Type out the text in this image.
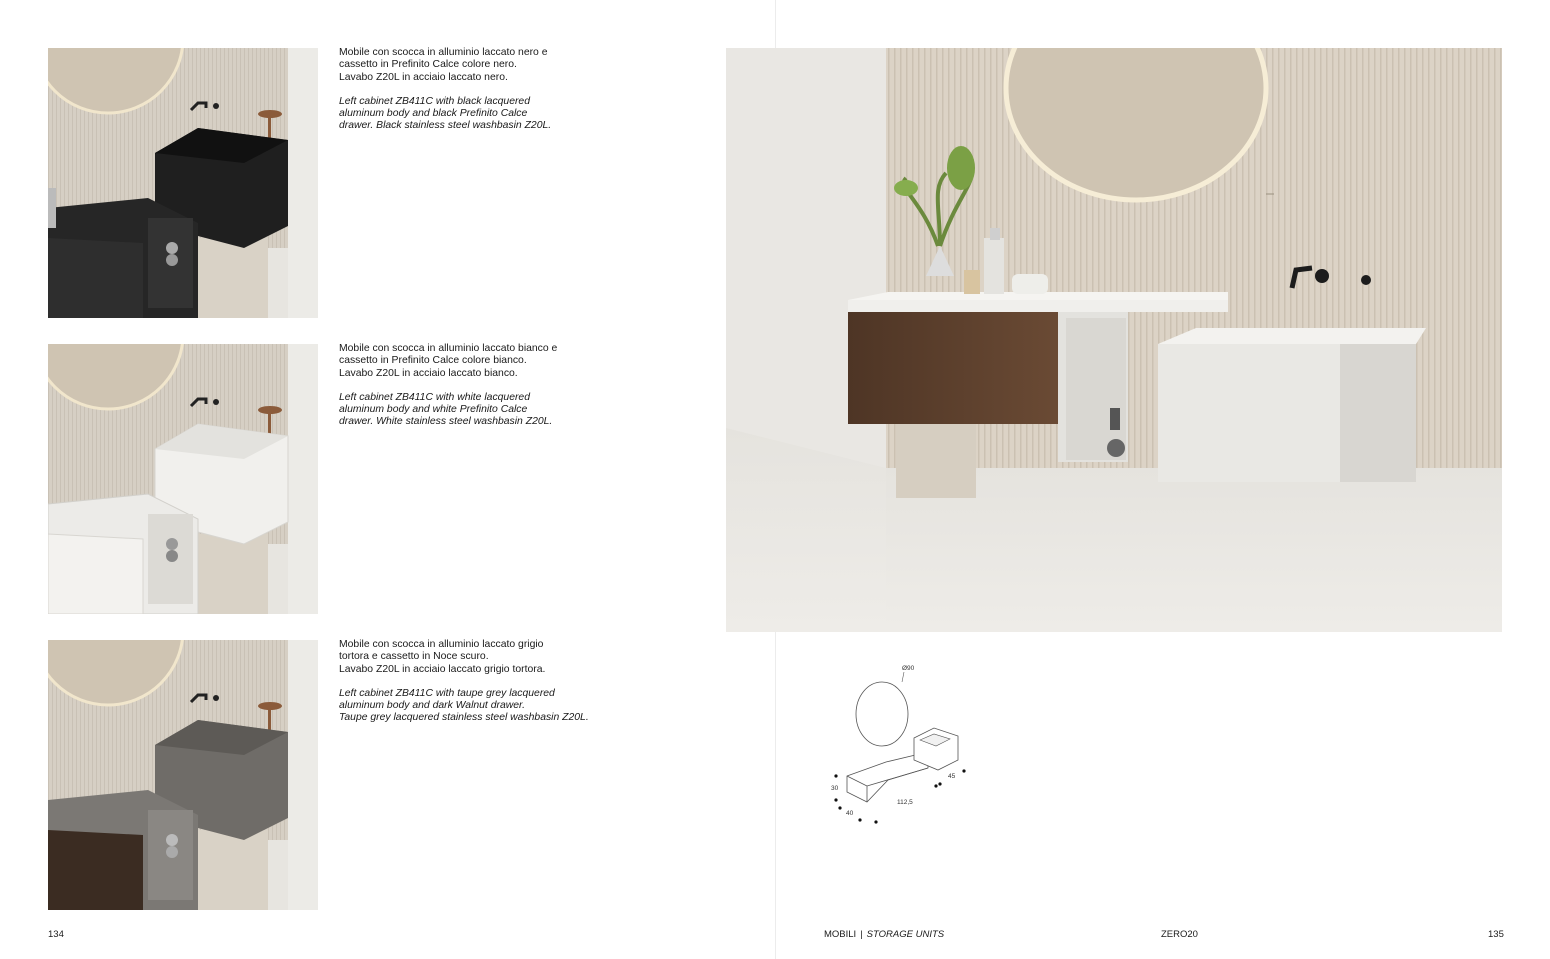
Mobile con scocca in alluminio laccato nero e
cassetto in Prefinito Calce colore nero.
Lavabo Z20L in acciaio laccato nero.

Left cabinet ZB411C with black lacquered
aluminum body and black Prefinito Calce
drawer. Black stainless steel washbasin Z20L.

Mobile con scocca in alluminio laccato bianco e
cassetto in Prefinito Calce colore bianco.
Lavabo Z20L in acciaio laccato bianco.

Left cabinet ZB411C with white lacquered
aluminum body and white Prefinito Calce
drawer. White stainless steel washbasin Z20L.

Mobile con scocca in alluminio laccato grigio
tortora e cassetto in Noce scuro.
Lavabo Z20L in acciaio laccato grigio tortora.

Left cabinet ZB411C with taupe grey lacquered
aluminum body and dark Walnut drawer.
Taupe grey lacquered stainless steel washbasin Z20L.

134
Ø90
45
30
112,5
40
MOBILI | STORAGE UNITS	ZERO20	135
